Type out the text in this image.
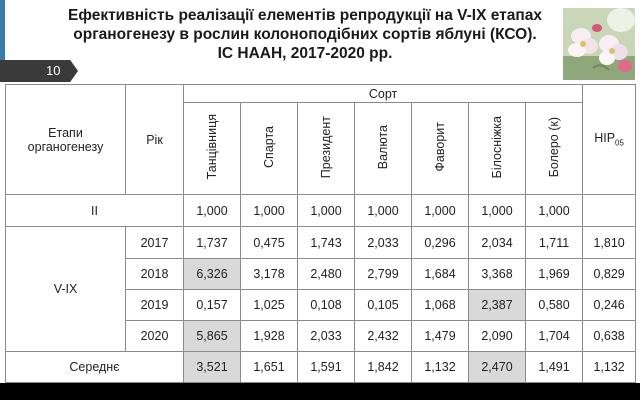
Ефективність реалізації елементів репродукції на V-IX етапах
органогенезу в рослин колоноподібних сортів яблуні (КСО).
ІС НААН, 2017-2020 рр.
10
Етапи органогенезу	Рік	Сорт							$НІР_{05}$
		Танцівниця	Спарта	Президент	Валюта	Фаворит	Білосніжка	Болеро (к)	
II		1,000	1,000	1,000	1,000	1,000	1,000	1,000	
V-IX	2017	1,737	0,475	1,743	2,033	0,296	2,034	1,711	1,810
	2018	6,326	3,178	2,480	2,799	1,684	3,368	1,969	0,829
	2019	0,157	1,025	0,108	0,105	1,068	2,387	0,580	0,246
	2020	5,865	1,928	2,033	2,432	1,479	2,090	1,704	0,638
Середнє		3,521	1,651	1,591	1,842	1,132	2,470	1,491	1,132
